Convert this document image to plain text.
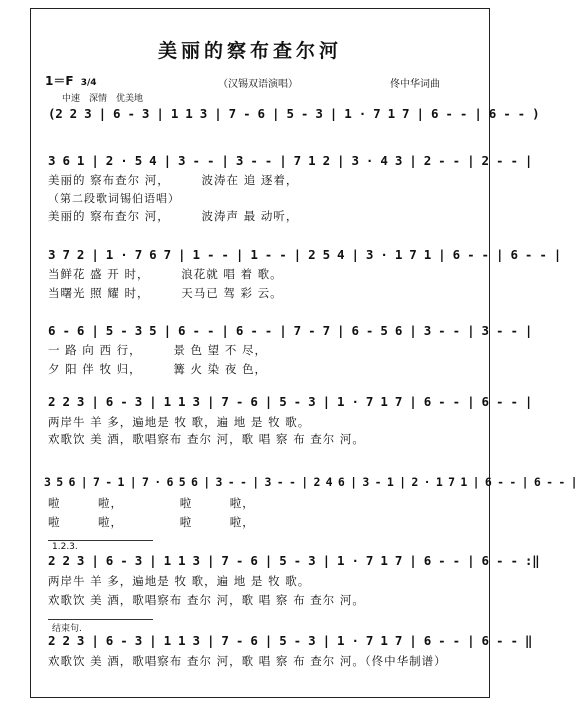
美丽的察布查尔河
1＝F 3/4	（汉锡双语演唱）	佟中华词曲
中速　深情　优美地
(2 2 3 | 6 - 3 | 1 1 3 | 7 - 6 | 5 - 3 | 1 · 7 1 7 | 6 - - | 6 - - )
3 6 1 | 2 · 5 4 | 3 - - | 3 - - | 7 1 2 | 3 · 4 3 | 2 - - | 2 - - |
美丽的 察布查尔 河，　　　波涛在 追 逐着，
（第二段歌词锡伯语唱）
美丽的 察布查尔 河，　　　波涛声 最 动听，
3 7 2 | 1 · 7 6 7 | 1 - - | 1 - - | 2 5 4 | 3 · 1 7 1 | 6 - - | 6 - - |
当鲜花 盛 开 时，　　　浪花就 唱 着 歌。
当曙光 照 耀 时，　　　天马已 驾 彩 云。
6 - 6 | 5 - 3 5 | 6 - - | 6 - - | 7 - 7 | 6 - 5 6 | 3 - - | 3 - - |
一 路 向 西 行，　　　景 色 望 不 尽，
夕 阳 伴 牧 归，　　　篝 火 染 夜 色，
2 2 3 | 6 - 3 | 1 1 3 | 7 - 6 | 5 - 3 | 1 · 7 1 7 | 6 - - | 6 - - |
两岸牛 羊 多，遍地是 牧 歌，遍 地 是 牧 歌。
欢歌饮 美 酒，歌唱察布 查尔 河，歌 唱 察 布 查尔 河。
3 5 6 | 7 - 1 | 7 · 6 5 6 | 3 - - | 3 - - | 2 4 6 | 3 - 1 | 2 · 1 7 1 | 6 - - | 6 - - |
啦　　　啦，　　　　　啦　　　啦，
啦　　　啦，　　　　　啦　　　啦，
1.2.3.
2 2 3 | 6 - 3 | 1 1 3 | 7 - 6 | 5 - 3 | 1 · 7 1 7 | 6 - - | 6 - - :‖
两岸牛 羊 多，遍地是 牧 歌，遍 地 是 牧 歌。
欢歌饮 美 酒，歌唱察布 查尔 河，歌 唱 察 布 查尔 河。
结束句.
2 2 3 | 6 - 3 | 1 1 3 | 7 - 6 | 5 - 3 | 1 · 7 1 7 | 6 - - | 6 - - ‖
欢歌饮 美 酒，歌唱察布 查尔 河，歌 唱 察 布 查尔 河。（佟中华制谱）
